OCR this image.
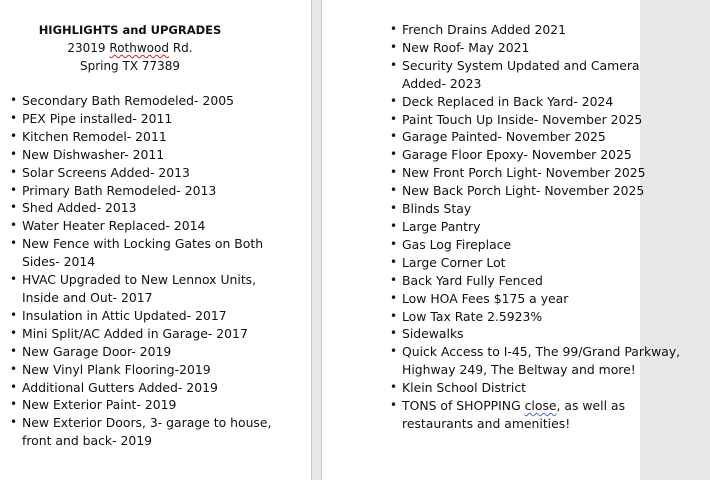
HIGHLIGHTS and UPGRADES
23019 Rothwood Rd.
Spring TX 77389
• Secondary Bath Remodeled- 2005
• PEX Pipe installed- 2011
• Kitchen Remodel- 2011
• New Dishwasher- 2011
• Solar Screens Added- 2013
• Primary Bath Remodeled- 2013
• Shed Added- 2013
• Water Heater Replaced- 2014
• New Fence with Locking Gates on Both Sides- 2014
• HVAC Upgraded to New Lennox Units, Inside and Out- 2017
• Insulation in Attic Updated- 2017
• Mini Split/AC Added in Garage- 2017
• New Garage Door- 2019
• New Vinyl Plank Flooring-2019
• Additional Gutters Added- 2019
• New Exterior Paint- 2019
• New Exterior Doors, 3- garage to house, front and back- 2019
• French Drains Added 2021
• New Roof- May 2021
• Security System Updated and Camera
Added- 2023
• Deck Replaced in Back Yard- 2024
• Paint Touch Up Inside- November 2025
• Garage Painted- November 2025
• Garage Floor Epoxy- November 2025
• New Front Porch Light- November 2025
• New Back Porch Light- November 2025
• Blinds Stay
• Large Pantry
• Gas Log Fireplace
• Large Corner Lot
• Back Yard Fully Fenced
• Low HOA Fees $175 a year
• Low Tax Rate 2.5923%
• Sidewalks
• Quick Access to I-45, The 99/Grand Parkway,
Highway 249, The Beltway and more!
• Klein School District
• TONS of SHOPPING close, as well as
restaurants and amenities!
